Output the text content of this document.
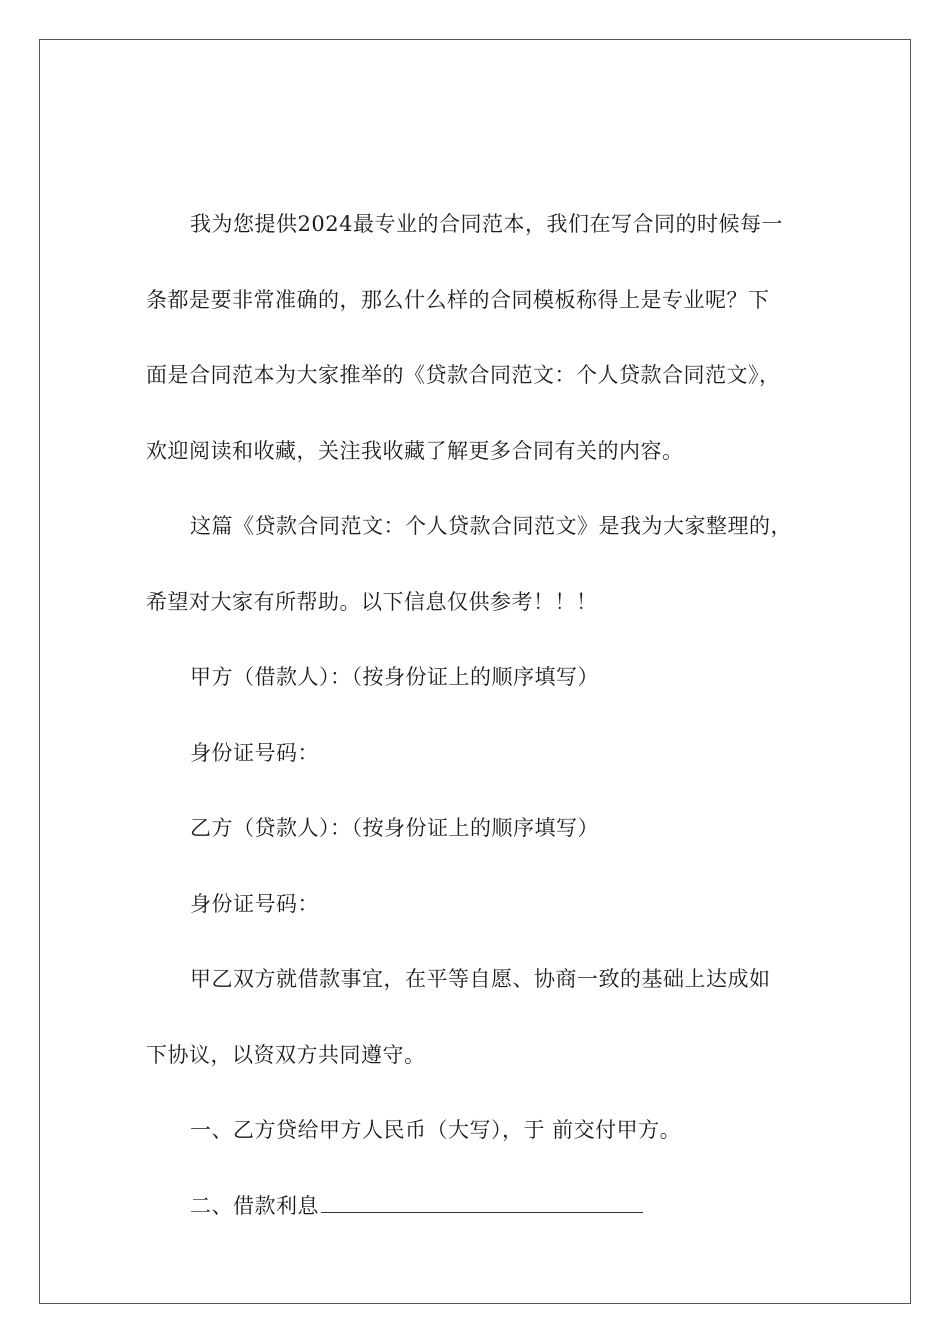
我为您提供2024最专业的合同范本，我们在写合同的时候每一
条都是要非常准确的，那么什么样的合同模板称得上是专业呢？下
面是合同范本为大家推举的《贷款合同范文：个人贷款合同范文》，
欢迎阅读和收藏，关注我收藏了解更多合同有关的内容。
这篇《贷款合同范文：个人贷款合同范文》是我为大家整理的，
希望对大家有所帮助。以下信息仅供参考！！！
甲方（借款人）：（按身份证上的顺序填写）
身份证号码：
乙方（贷款人）：（按身份证上的顺序填写）
身份证号码：
甲乙双方就借款事宜，在平等自愿、协商一致的基础上达成如
下协议，以资双方共同遵守。
一、乙方贷给甲方人民币（大写），于 前交付甲方。
二、借款利息
